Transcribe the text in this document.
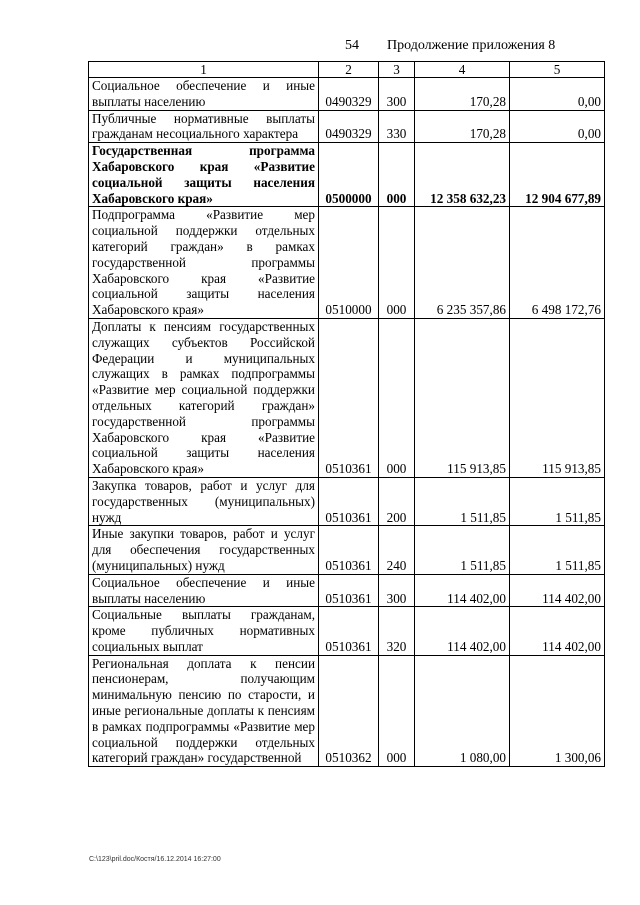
54 Продолжение приложения 8
1	2	3	4	5
Социальное обеспечение и иные выплаты населению	0490329	300	170,28	0,00
Публичные нормативные выплаты гражданам несоциального характера	0490329	330	170,28	0,00
Государственная программа Хабаровского края «Развитие социальной защиты населения Хабаровского края»	0500000	000	12 358 632,23	12 904 677,89
Подпрограмма «Развитие мер социальной поддержки отдельных категорий граждан» в рамках государственной программы Хабаровского края «Развитие социальной защиты населения Хабаровского края»	0510000	000	6 235 357,86	6 498 172,76
Доплаты к пенсиям государственных служащих субъектов Российской Федерации и муниципальных служащих в рамках подпрограммы «Развитие мер социальной поддержки отдельных категорий граждан» государственной программы Хабаровского края «Развитие социальной защиты населения Хабаровского края»	0510361	000	115 913,85	115 913,85
Закупка товаров, работ и услуг для государственных (муниципальных) нужд	0510361	200	1 511,85	1 511,85
Иные закупки товаров, работ и услуг для обеспечения государственных (муниципальных) нужд	0510361	240	1 511,85	1 511,85
Социальное обеспечение и иные выплаты населению	0510361	300	114 402,00	114 402,00
Социальные выплаты гражданам, кроме публичных нормативных социальных выплат	0510361	320	114 402,00	114 402,00
Региональная доплата к пенсии пенсионерам, получающим минимальную пенсию по старости, и иные региональные доплаты к пенсиям в рамках подпрограммы «Развитие мер социальной поддержки отдельных категорий граждан» государственной	0510362	000	1 080,00	1 300,06
C:\123\pril.doc/Костя/16.12.2014 16:27:00
